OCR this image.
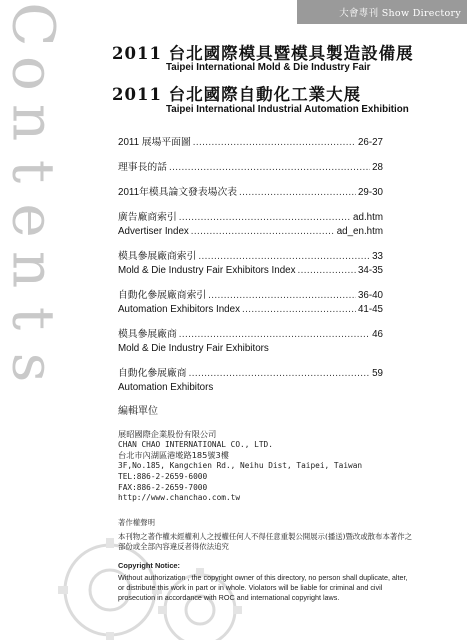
大會專刊 Show Directory
C
o
n
t
e
n
t
s
2011 台北國際模具暨模具製造設備展
Taipei International Mold & Die Industry Fair
2011 台北國際自動化工業大展
Taipei International Industrial Automation Exhibition
2011 展場平面圖 .....	26-27
理事長的話 .....	28
2011年模具論文發表場次表 .....	29-30
廣告廠商索引 .....	ad.htm
Advertiser Index .....	ad_en.htm
模具參展廠商索引 .....	33
Mold & Die Industry Fair Exhibitors Index .....	34-35
自動化參展廠商索引 .....	36-40
Automation Exhibitors Index .....	41-45
模具參展廠商 .....	46
Mold & Die Industry Fair Exhibitors
自動化參展廠商 .....	59
Automation Exhibitors
編輯單位
展昭國際企業股份有限公司
CHAN CHAO INTERNATIONAL CO., LTD.
台北市內湖區港墘路185號3樓
3F,No.185, Kangchien Rd., Neihu Dist, Taipei, Taiwan
TEL:886-2-2659-6000
FAX:886-2-2659-7000
http://www.chanchao.com.tw
著作權聲明
本刊物之著作權未經權利人之授權任何人不得任意重製公開展示(播送)暨改或散布本著作之部份或全部內容違反者得依法追究
Copyright Notice:
Without authorization , the copyright owner of this directory, no person shall duplicate, alter, or distribute this work in part or in whole. Violators will be liable for criminal and civil prosecution in accordance with ROC and international copyright laws.
